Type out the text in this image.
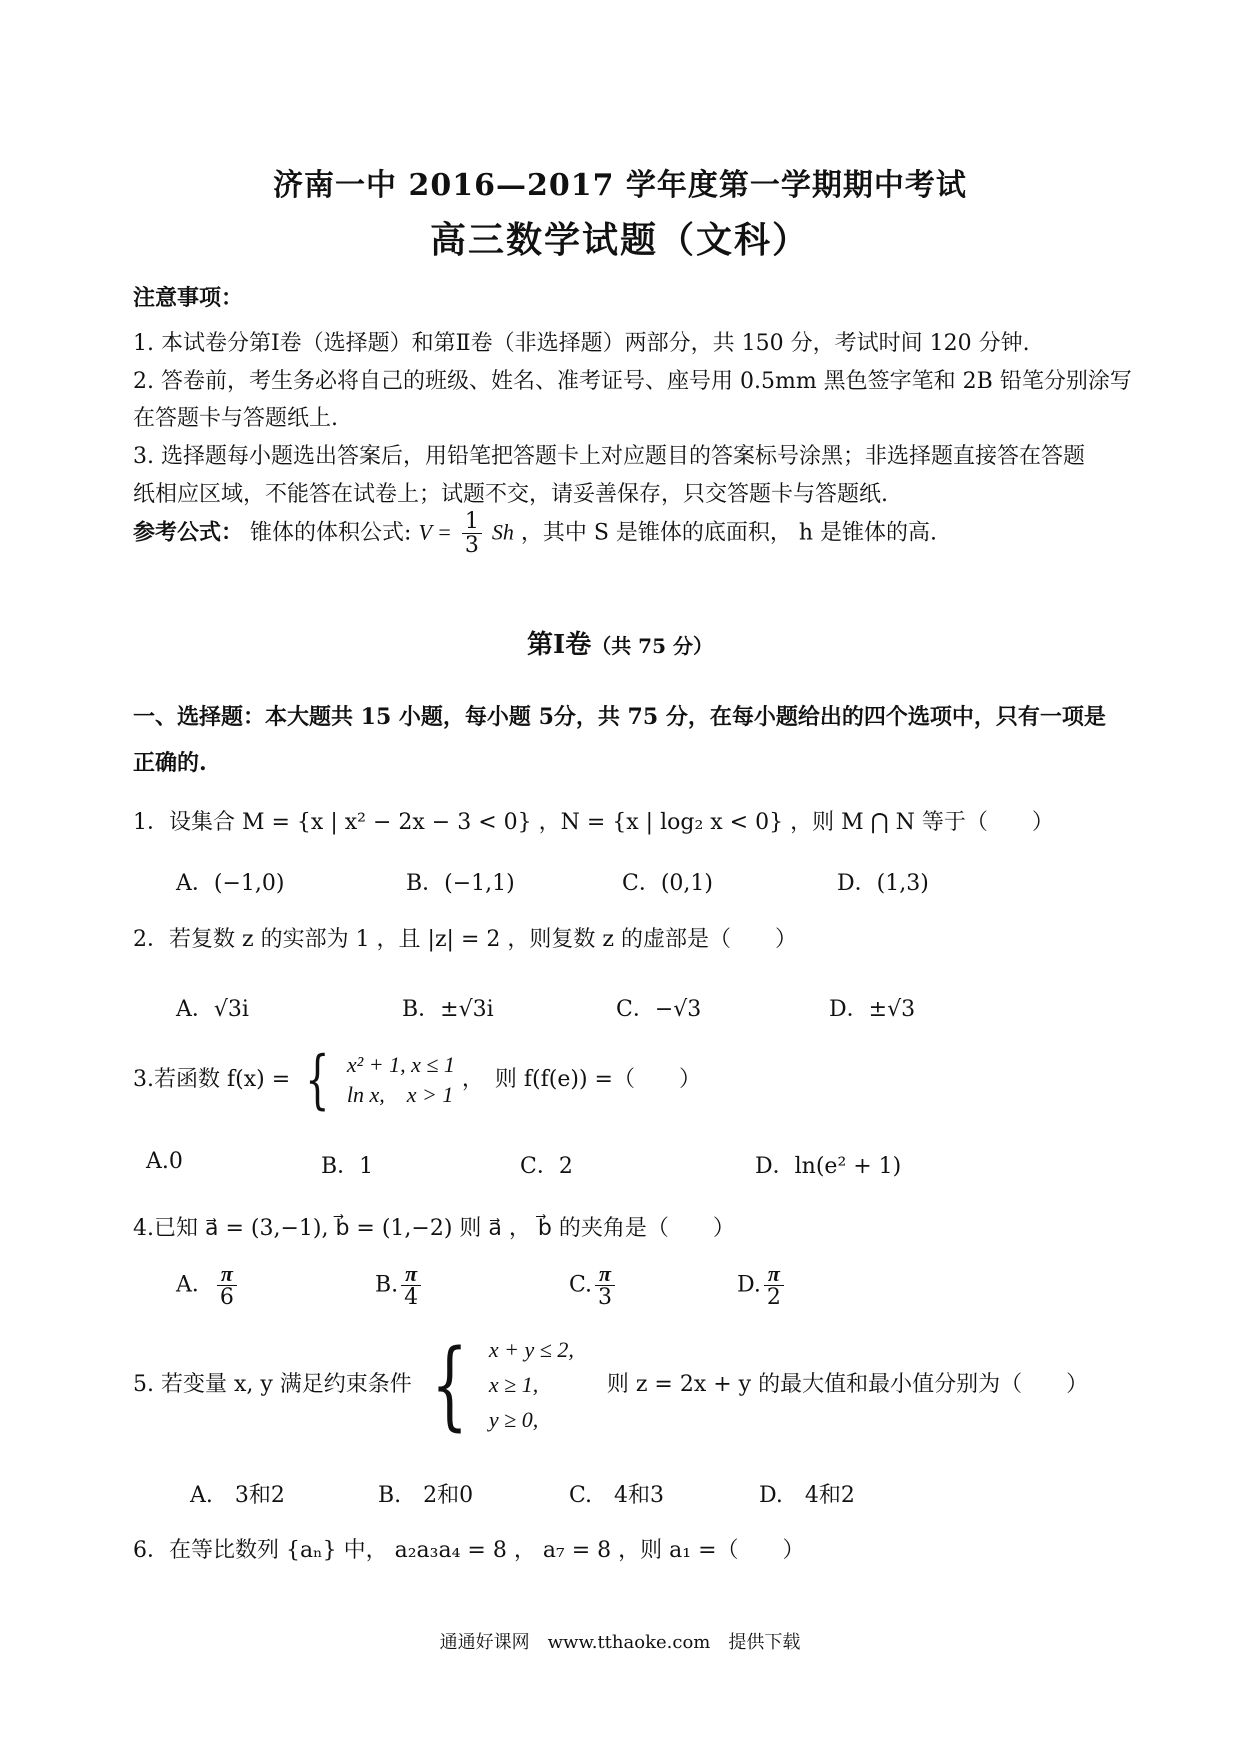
济南一中 2016—2017 学年度第一学期期中考试
高三数学试题（文科）
注意事项：
1. 本试卷分第Ⅰ卷（选择题）和第Ⅱ卷（非选择题）两部分，共 150 分，考试时间 120 分钟.
2. 答卷前，考生务必将自己的班级、姓名、准考证号、座号用 0.5mm 黑色签字笔和 2B 铅笔分别涂写
在答题卡与答题纸上.
3. 选择题每小题选出答案后，用铅笔把答题卡上对应题目的答案标号涂黑；非选择题直接答在答题
纸相应区域，不能答在试卷上；试题不交，请妥善保存，只交答题卡与答题纸.
参考公式： 锥体的体积公式: $V = \frac{1}{3}$ Sh ，其中 S 是锥体的底面积， h 是锥体的高.
第Ⅰ卷（共 75 分）
一、选择题：本大题共 15 小题，每小题 5分，共 75 分，在每小题给出的四个选项中，只有一项是
正确的.
1．设集合 M = {x | x² − 2x − 3 < 0} ，N = {x | log₂ x < 0} ，则 M ⋂ N 等于（　　）
A．(−1,0)	B．(−1,1)	C．(0,1)	D．(1,3)
2．若复数 z 的实部为 1 ，且 |z| = 2 ，则复数 z 的虚部是（　　）
A．√3i	B．±√3i	C．−√3	D．±√3
3.若函数 f(x) = { x² + 1, x ≤ 1
ln x,　x > 1
，　则 f(f(e)) =（　　）
A.0	B．1	C．2	D．ln(e² + 1)
4.已知 a⃗ = (3,−1), b⃗ = (1,−2) 则 a⃗ ， b⃗ 的夹角是（　　）
A． $\frac{\pi}{6}$	B. $\frac{\pi}{4}$	C. $\frac{\pi}{3}$	D. $\frac{\pi}{2}$
5. 若变量 x, y 满足约束条件 { x + y ≤ 2,
x ≥ 1,
y ≥ 0,
则 z = 2x + y 的最大值和最小值分别为（　　）
A.　3和2	B.　2和0	C.　4和3	D.　4和2
6．在等比数列 {aₙ} 中， a₂a₃a₄ = 8 ， a₇ = 8 ，则 a₁ =（　　）
通通好课网　www.tthaoke.com　提供下载
